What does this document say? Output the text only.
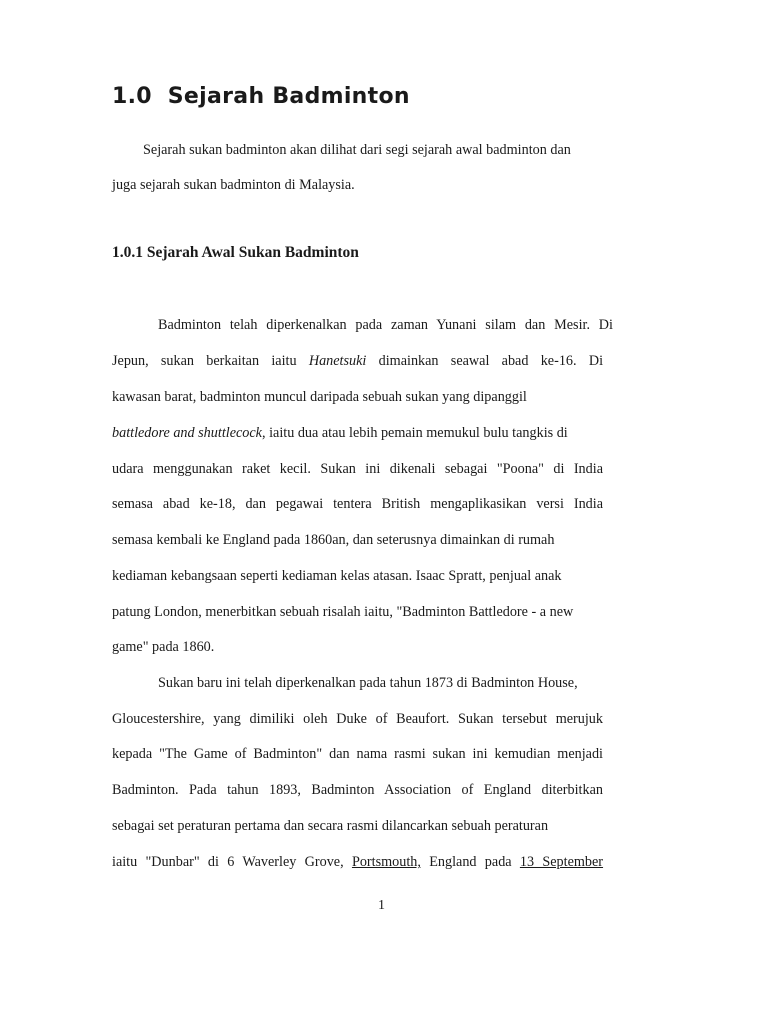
1.0  Sejarah Badminton

Sejarah sukan badminton akan dilihat dari segi sejarah awal badminton dan

juga sejarah sukan badminton di Malaysia.

1.0.1 Sejarah Awal Sukan Badminton

Badminton telah diperkenalkan pada zaman Yunani silam dan Mesir. Di

Jepun, sukan berkaitan iaitu Hanetsuki dimainkan seawal abad ke-16. Di

kawasan barat, badminton muncul daripada sebuah sukan yang dipanggil

battledore and shuttlecock, iaitu dua atau lebih pemain memukul bulu tangkis di

udara menggunakan raket kecil. Sukan ini dikenali sebagai "Poona" di India

semasa abad ke-18, dan pegawai tentera British mengaplikasikan versi India

semasa kembali ke England pada 1860an, dan seterusnya dimainkan di rumah

kediaman kebangsaan seperti kediaman kelas atasan. Isaac Spratt, penjual anak

patung London, menerbitkan sebuah risalah iaitu, "Badminton Battledore - a new

game" pada 1860.

Sukan baru ini telah diperkenalkan pada tahun 1873 di Badminton House,

Gloucestershire, yang dimiliki oleh Duke of Beaufort. Sukan tersebut merujuk

kepada "The Game of Badminton" dan nama rasmi sukan ini kemudian menjadi

Badminton. Pada tahun 1893, Badminton Association of England diterbitkan

sebagai set peraturan pertama dan secara rasmi dilancarkan sebuah peraturan

iaitu "Dunbar" di 6 Waverley Grove, Portsmouth, England pada 13 September

1
